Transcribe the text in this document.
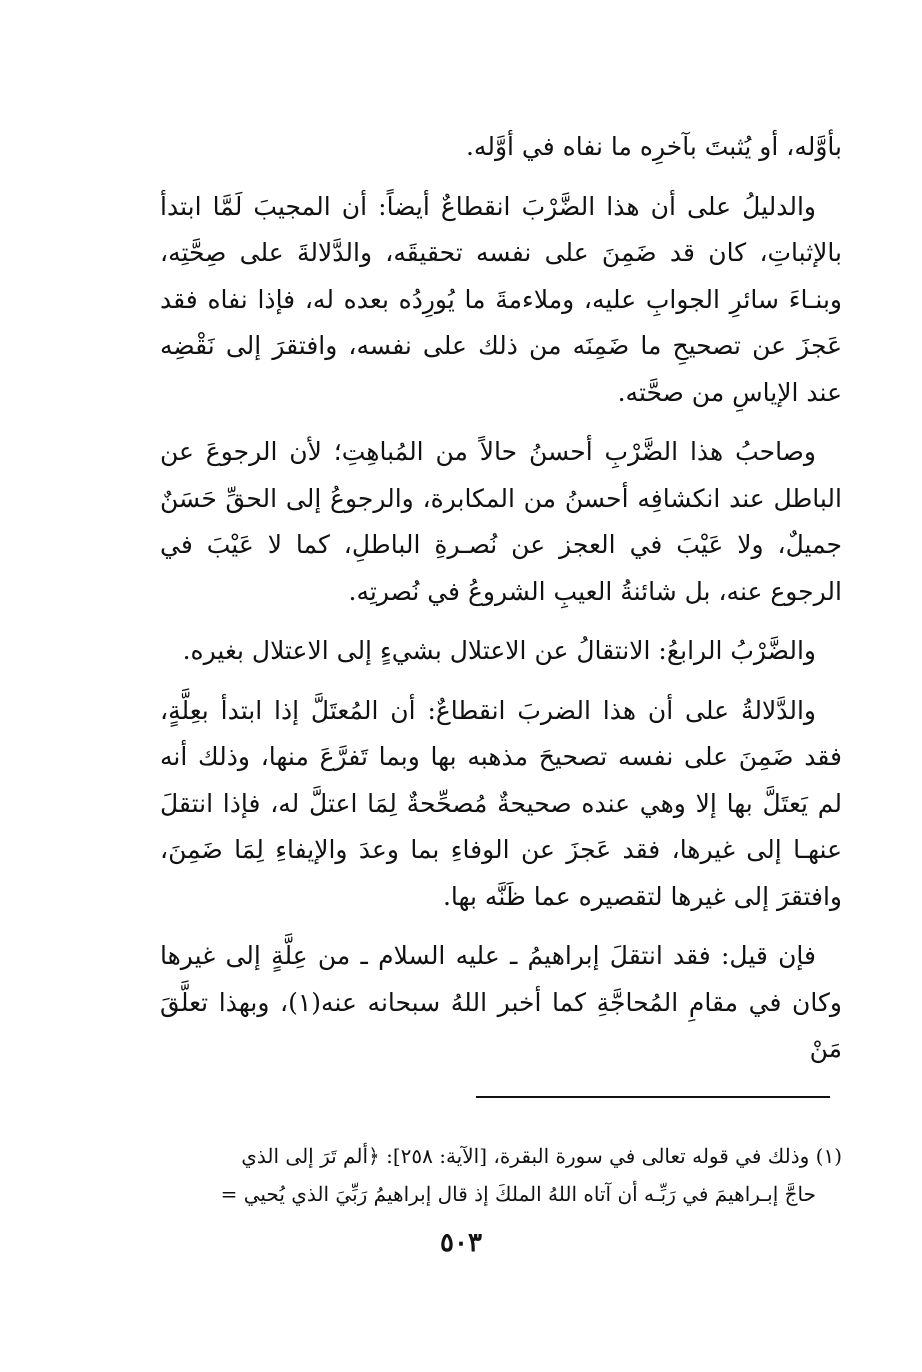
بأوَّله، أو يُثبتَ بآخرِه ما نفاه في أوَّله.

والدليلُ على أن هذا الضَّرْبَ انقطاعٌ أيضاً: أن المجيبَ لَمَّا ابتدأ بالإثباتِ، كان قد ضَمِنَ على نفسه تحقيقَه، والدَّلالةَ على صِحَّتِه، وبنـاءَ سائرِ الجوابِ عليه، وملاءمةَ ما يُورِدُه بعده له، فإذا نفاه فقد عَجزَ عن تصحيحِ ما ضَمِنَه من ذلك على نفسه، وافتقرَ إلى نَقْضِه عند الإياسِ من صحَّته.

وصاحبُ هذا الضَّرْبِ أحسنُ حالاً من المُباهِتِ؛ لأن الرجوعَ عن الباطل عند انكشافِه أحسنُ من المكابرة، والرجوعُ إلى الحقِّ حَسَنٌ جميلٌ، ولا عَيْبَ في العجز عن نُصـرةِ الباطلِ، كما لا عَيْبَ في الرجوع عنه، بل شائنةُ العيبِ الشروعُ في نُصرتِه.

والضَّرْبُ الرابعُ: الانتقالُ عن الاعتلال بشيءٍ إلى الاعتلال بغيره.

والدَّلالةُ على أن هذا الضربَ انقطاعٌ: أن المُعتَلَّ إذا ابتدأ بعِلَّةٍ، فقد ضَمِنَ على نفسه تصحيحَ مذهبه بها وبما تَفرَّعَ منها، وذلك أنه لم يَعتَلَّ بها إلا وهي عنده صحيحةٌ مُصحِّحةٌ لِمَا اعتلَّ له، فإذا انتقلَ عنهـا إلى غيرها، فقد عَجزَ عن الوفاءِ بما وعدَ والإيفاءِ لِمَا ضَمِنَ، وافتقرَ إلى غيرها لتقصيره عما ظَنَّه بها.

فإن قيل: فقد انتقلَ إبراهيمُ ـ عليه السلام ـ من عِلَّةٍ إلى غيرها وكان في مقامِ المُحاجَّةِ كما أخبر اللهُ سبحانه عنه(١)، وبهذا تعلَّقَ مَنْ

(١) وذلك في قوله تعالى في سورة البقرة، [الآية: ٢٥٨]: ﴿ألم تَرَ إلى الذي

حاجَّ إبـراهيمَ في رَبِّـه أن آتاه اللهُ الملكَ إذ قال إبراهيمُ رَبِّيَ الذي يُحيي =

٥٠٣
